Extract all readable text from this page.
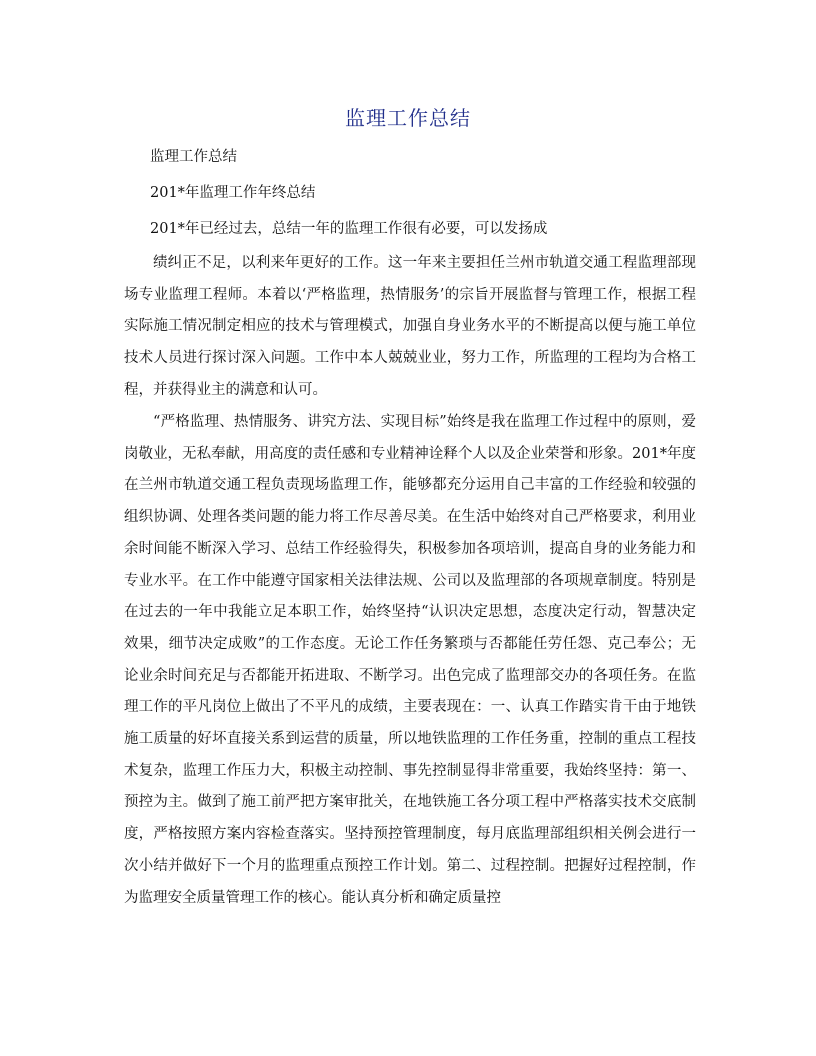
监理工作总结
监理工作总结
201*年监理工作年终总结
201*年已经过去，总结一年的监理工作很有必要，可以发扬成

绩纠正不足，以利来年更好的工作。这一年来主要担任兰州市轨道交通工程监理部现场专业监理工程师。本着以‘严格监理，热情服务’的宗旨开展监督与管理工作，根据工程实际施工情况制定相应的技术与管理模式，加强自身业务水平的不断提高以便与施工单位技术人员进行探讨深入问题。工作中本人兢兢业业，努力工作，所监理的工程均为合格工程，并获得业主的满意和认可。

“严格监理、热情服务、讲究方法、实现目标”始终是我在监理工作过程中的原则，爱岗敬业，无私奉献，用高度的责任感和专业精神诠释个人以及企业荣誉和形象。201*年度在兰州市轨道交通工程负责现场监理工作，能够都充分运用自己丰富的工作经验和较强的组织协调、处理各类问题的能力将工作尽善尽美。在生活中始终对自己严格要求，利用业余时间能不断深入学习、总结工作经验得失，积极参加各项培训，提高自身的业务能力和专业水平。在工作中能遵守国家相关法律法规、公司以及监理部的各项规章制度。特别是在过去的一年中我能立足本职工作，始终坚持“认识决定思想，态度决定行动，智慧决定效果，细节决定成败”的工作态度。无论工作任务繁琐与否都能任劳任怨、克己奉公；无论业余时间充足与否都能开拓进取、不断学习。出色完成了监理部交办的各项任务。在监理工作的平凡岗位上做出了不平凡的成绩，主要表现在：一、认真工作踏实肯干由于地铁施工质量的好坏直接关系到运营的质量，所以地铁监理的工作任务重，控制的重点工程技术复杂，监理工作压力大，积极主动控制、事先控制显得非常重要，我始终坚持：第一、预控为主。做到了施工前严把方案审批关，在地铁施工各分项工程中严格落实技术交底制度，严格按照方案内容检查落实。坚持预控管理制度，每月底监理部组织相关例会进行一次小结并做好下一个月的监理重点预控工作计划。第二、过程控制。把握好过程控制，作为监理安全质量管理工作的核心。能认真分析和确定质量控
